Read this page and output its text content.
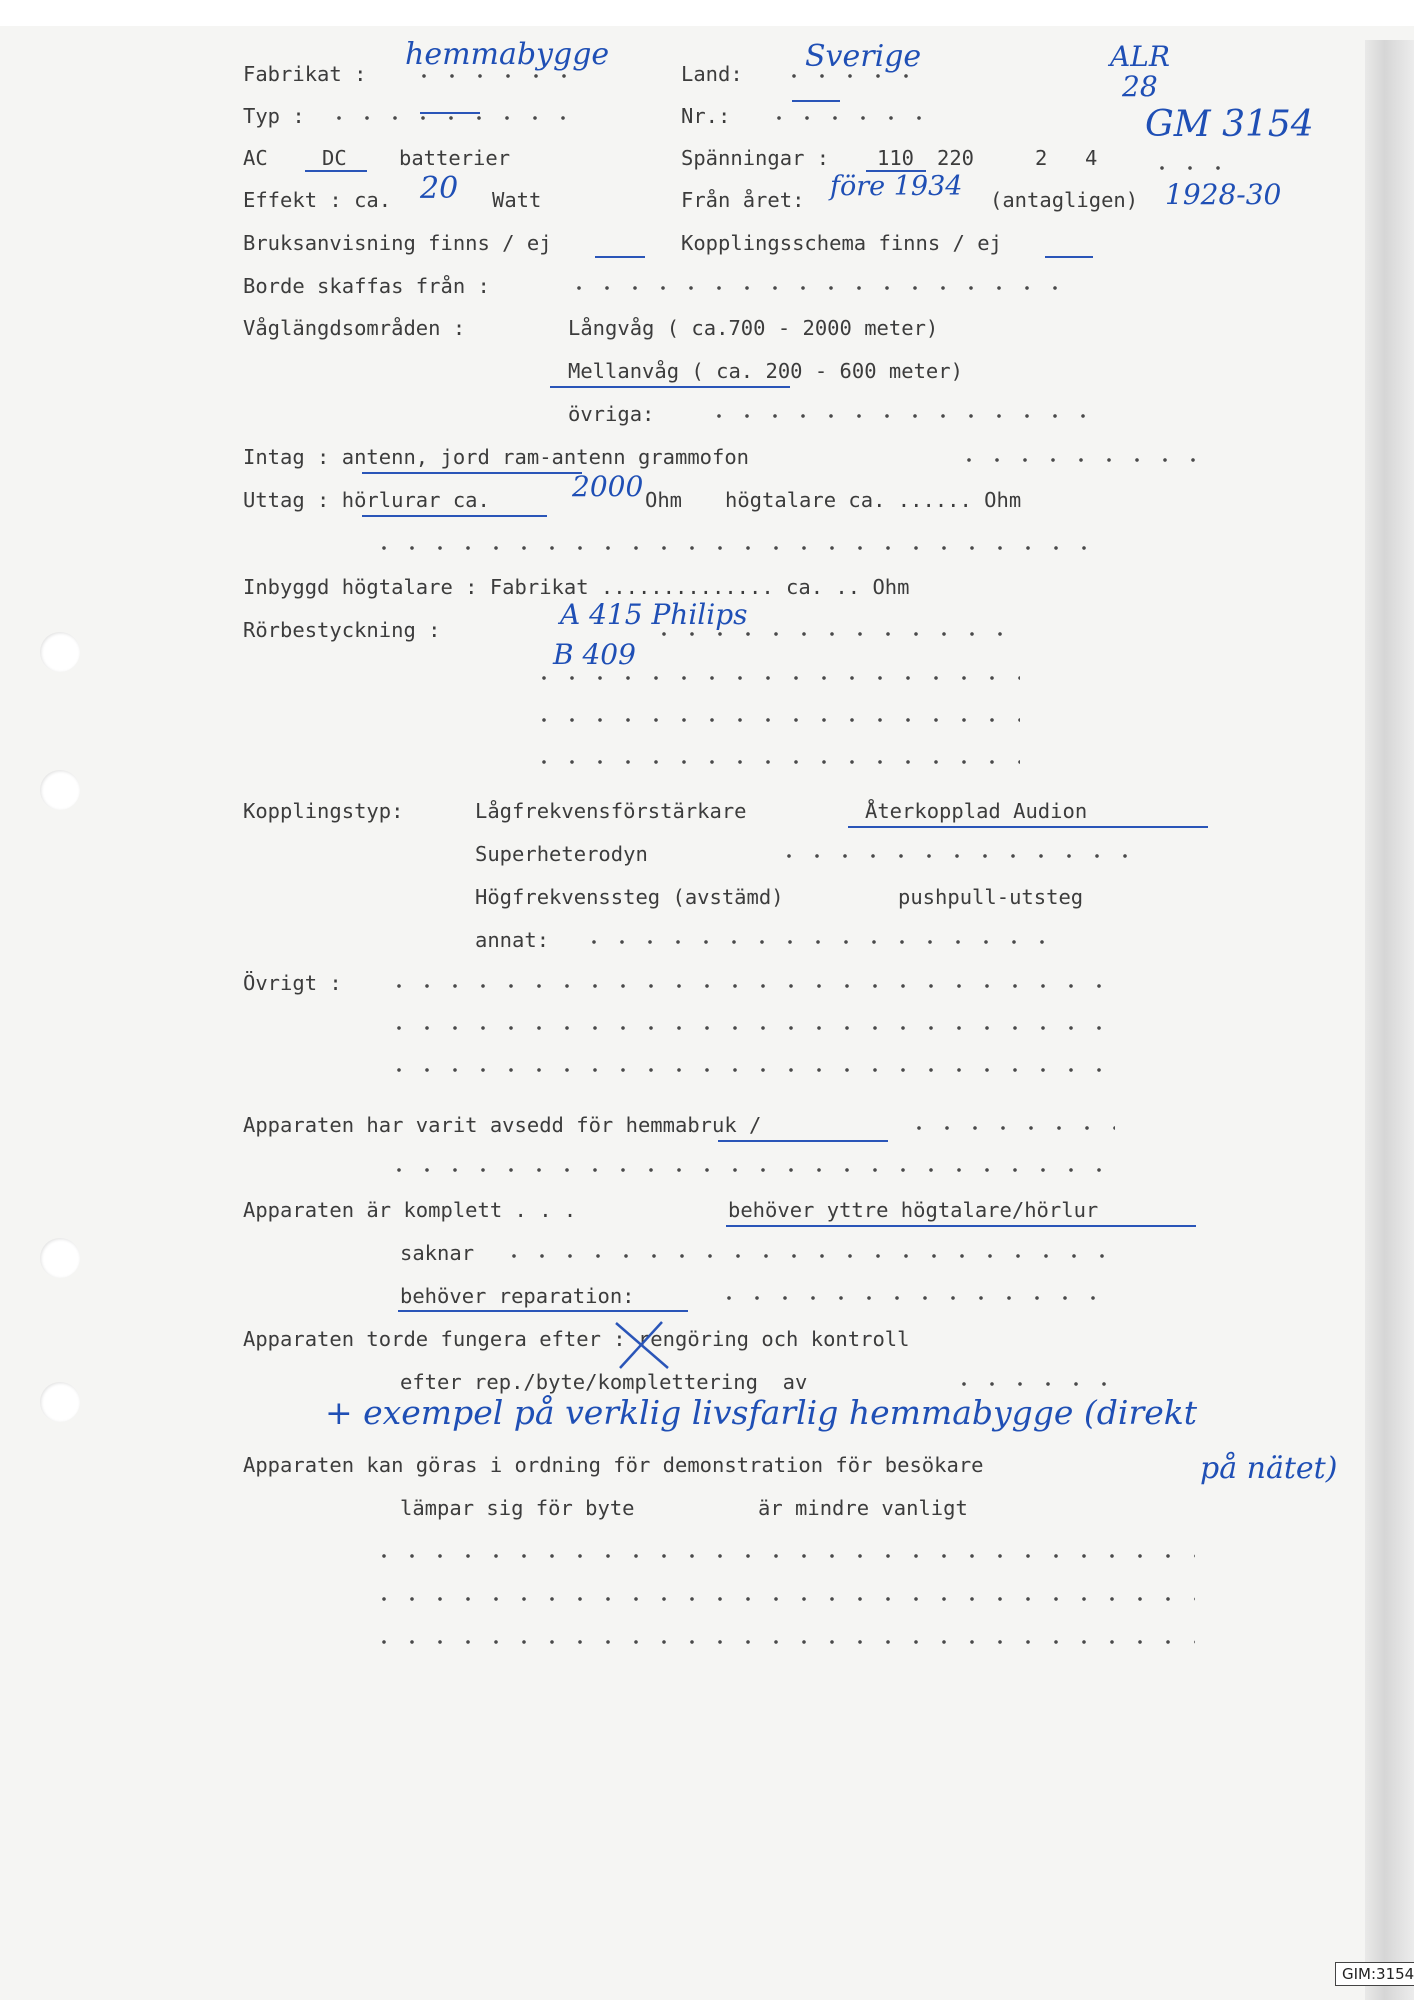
Fabrikat :
hemmabygge
Land: Sverige	ALR
28
GM 3154
Typ :	Nr.:
AC	DC	batterier	Spänningar : 110 220	2 4
Effekt : ca. 20 Watt	Från året: före 1934 (antagligen) 1928-30
Bruksanvisning finns / ej	Kopplingsschema finns / ej
Borde skaffas från :
Våglängdsområden :	Långvåg ( ca.700 - 2000 meter)
Mellanvåg ( ca. 200 - 600 meter)
övriga:
Intag : antenn, jord ram-antenn grammofon
Uttag : hörlurar ca.	2000 Ohm högtalare ca. ...... Ohm
Inbyggd högtalare : Fabrikat .............. ca. .. Ohm
Rörbestyckning :	A 415 Philips
B 409
Kopplingstyp:	Lågfrekvensförstärkare	Återkopplad Audion
Superheterodyn
Högfrekvenssteg (avstämd)	pushpull-utsteg
annat:
Övrigt :
Apparaten har varit avsedd för hemmabruk /
Apparaten är komplett . . .	behöver yttre högtalare/hörlur
saknar
behöver reparation:
Apparaten torde fungera efter : rengöring och kontroll
efter rep./byte/komplettering  av
+ exempel på verklig livsfarlig hemmabygge (direkt
på nätet)
Apparaten kan göras i ordning för demonstration för besökare
lämpar sig för byte	är mindre vanligt
GIM:3154
